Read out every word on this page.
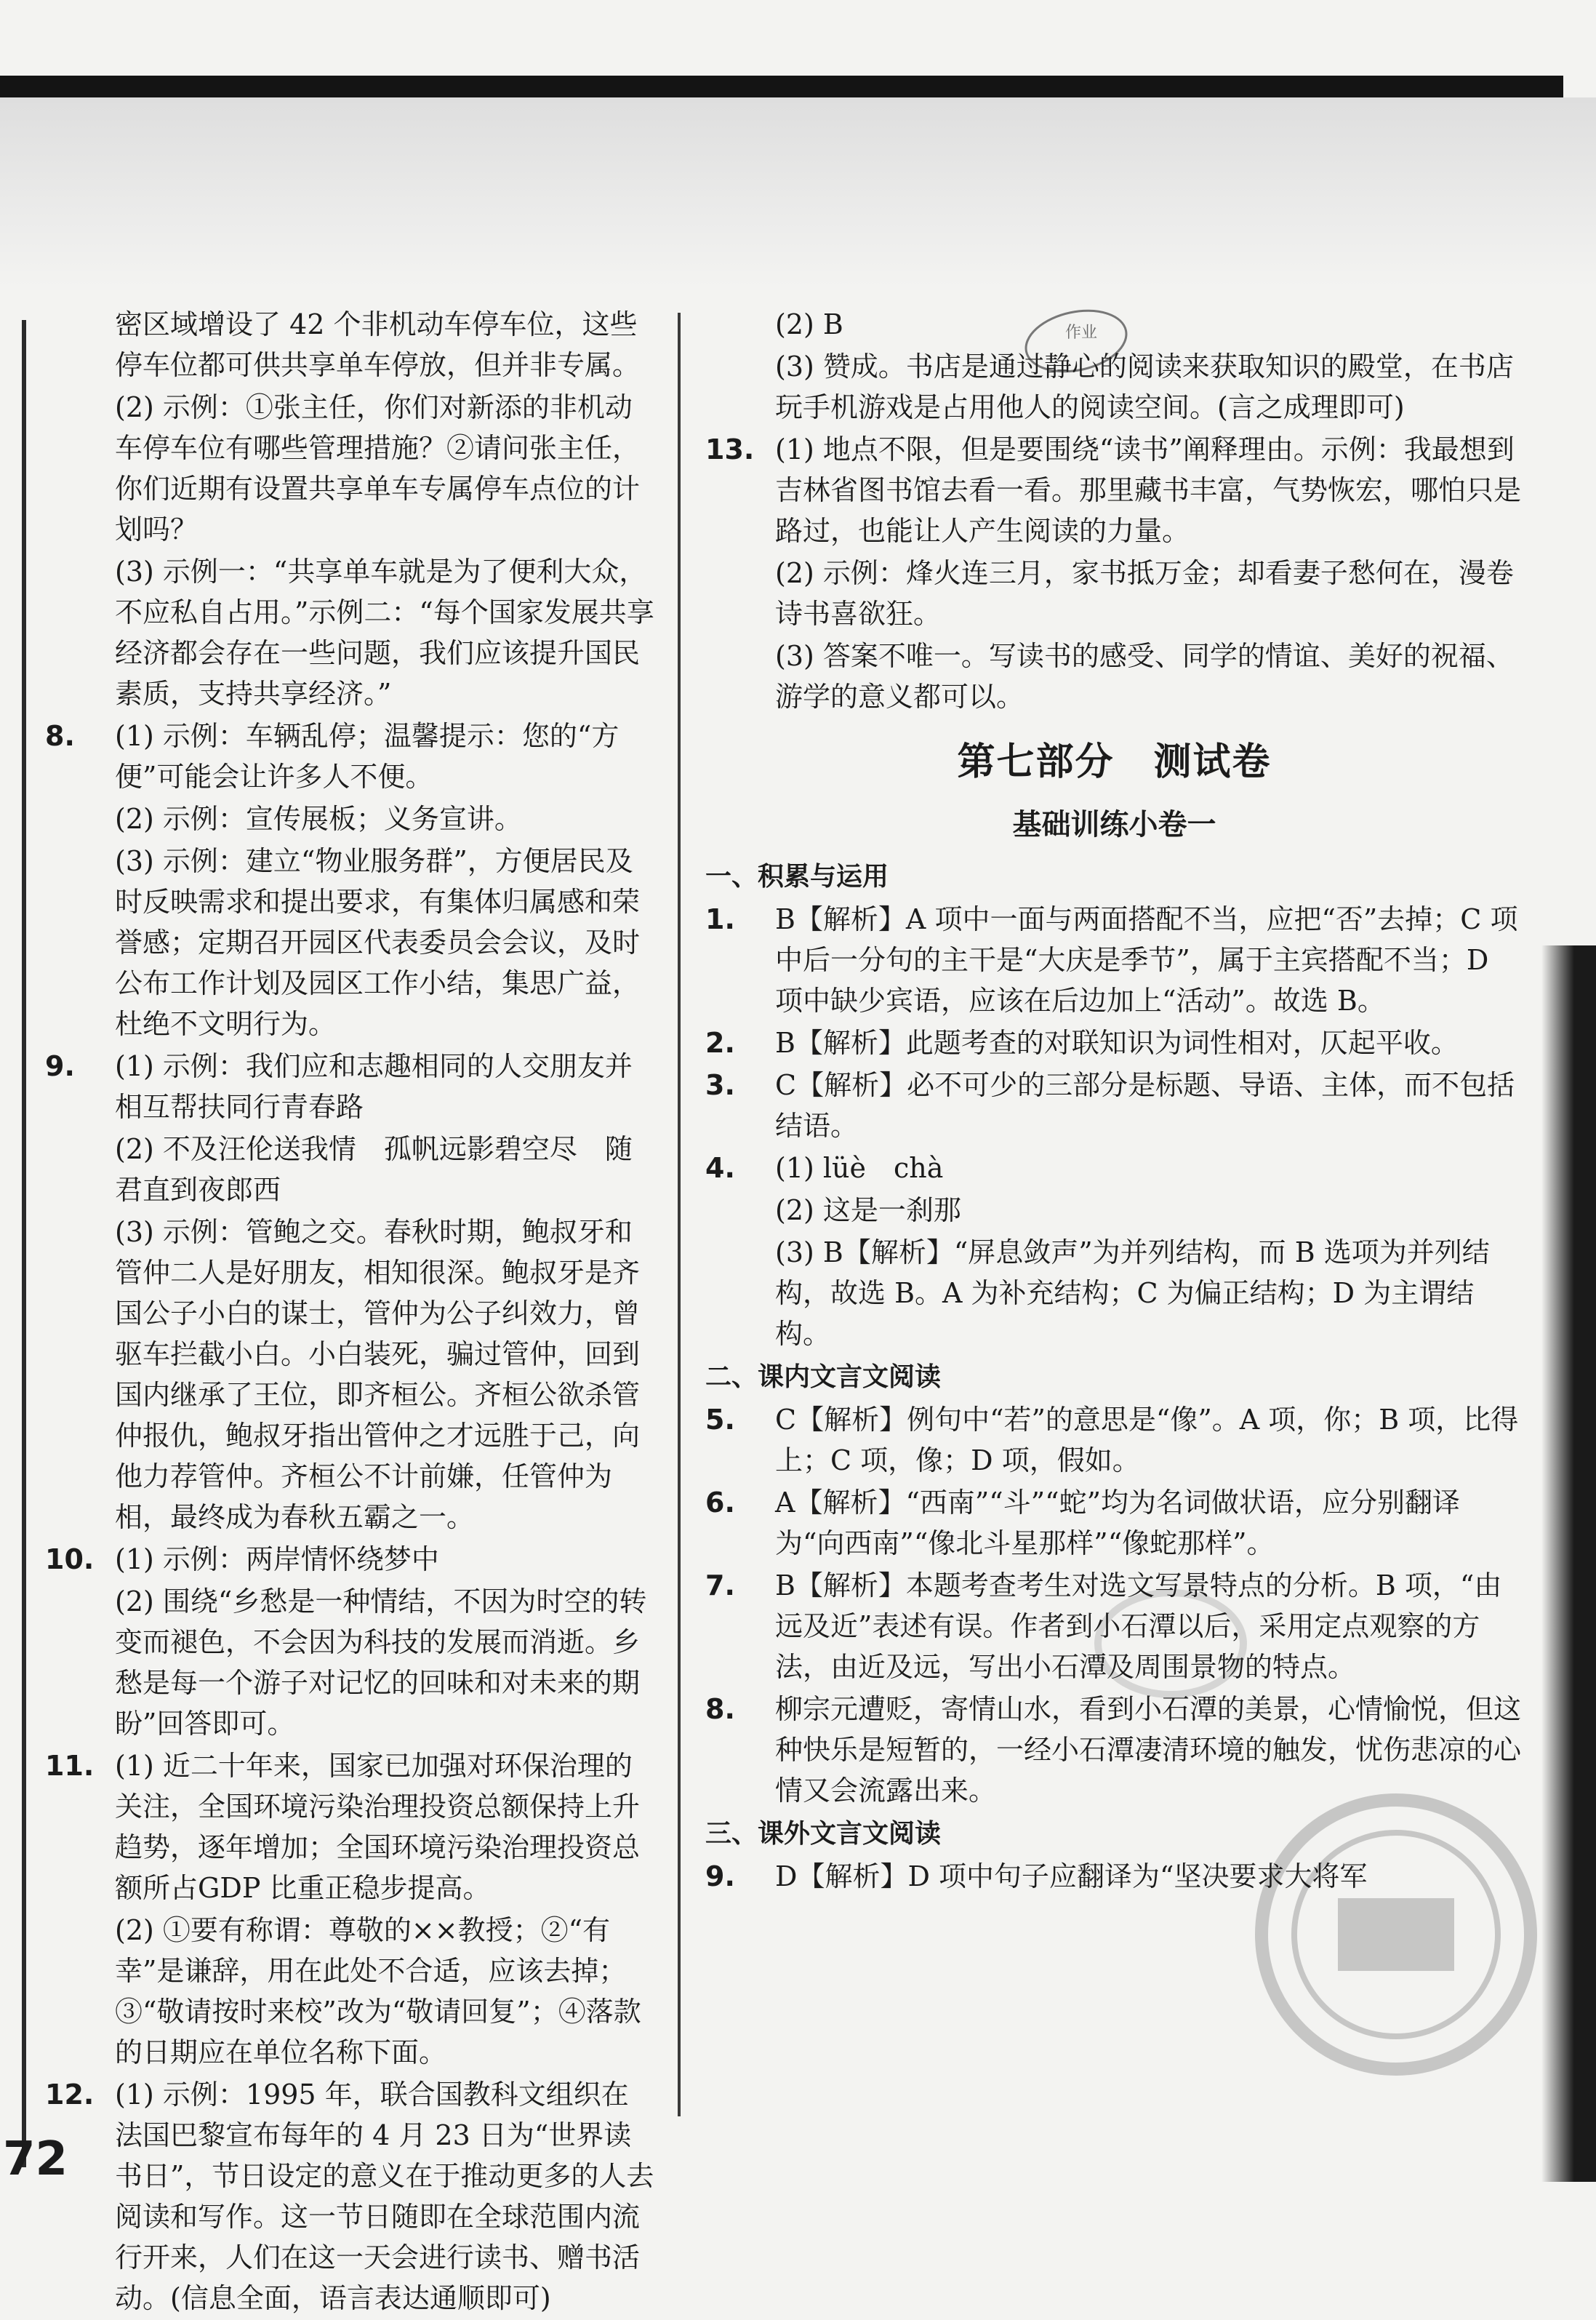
作业
密区域增设了 42 个非机动车停车位，这些停车位都可供共享单车停放，但并非专属。
(2) 示例：①张主任，你们对新添的非机动车停车位有哪些管理措施？②请问张主任，你们近期有设置共享单车专属停车点位的计划吗？
(3) 示例一：“共享单车就是为了便利大众，不应私自占用。”示例二：“每个国家发展共享经济都会存在一些问题，我们应该提升国民素质，支持共享经济。”
8. (1) 示例：车辆乱停；温馨提示：您的“方便”可能会让许多人不便。
(2) 示例：宣传展板；义务宣讲。
(3) 示例：建立“物业服务群”，方便居民及时反映需求和提出要求，有集体归属感和荣誉感；定期召开园区代表委员会会议，及时公布工作计划及园区工作小结，集思广益，杜绝不文明行为。
9. (1) 示例：我们应和志趣相同的人交朋友并相互帮扶同行青春路
(2) 不及汪伦送我情　孤帆远影碧空尽　随君直到夜郎西
(3) 示例：管鲍之交。春秋时期，鲍叔牙和管仲二人是好朋友，相知很深。鲍叔牙是齐国公子小白的谋士，管仲为公子纠效力，曾驱车拦截小白。小白装死，骗过管仲，回到国内继承了王位，即齐桓公。齐桓公欲杀管仲报仇，鲍叔牙指出管仲之才远胜于己，向他力荐管仲。齐桓公不计前嫌，任管仲为相，最终成为春秋五霸之一。
10. (1) 示例：两岸情怀绕梦中
(2) 围绕“乡愁是一种情结，不因为时空的转变而褪色，不会因为科技的发展而消逝。乡愁是每一个游子对记忆的回味和对未来的期盼”回答即可。
11. (1) 近二十年来，国家已加强对环保治理的关注，全国环境污染治理投资总额保持上升趋势，逐年增加；全国环境污染治理投资总额所占GDP 比重正稳步提高。
(2) ①要有称谓：尊敬的××教授；②“有幸”是谦辞，用在此处不合适，应该去掉；③“敬请按时来校”改为“敬请回复”；④落款的日期应在单位名称下面。
12. (1) 示例：1995 年，联合国教科文组织在法国巴黎宣布每年的 4 月 23 日为“世界读书日”，节日设定的意义在于推动更多的人去阅读和写作。这一节日随即在全球范围内流行开来，人们在这一天会进行读书、赠书活动。(信息全面，语言表达通顺即可)
(2) B
(3) 赞成。书店是通过静心的阅读来获取知识的殿堂，在书店玩手机游戏是占用他人的阅读空间。(言之成理即可)
13. (1) 地点不限，但是要围绕“读书”阐释理由。示例：我最想到吉林省图书馆去看一看。那里藏书丰富，气势恢宏，哪怕只是路过，也能让人产生阅读的力量。
(2) 示例：烽火连三月，家书抵万金；却看妻子愁何在，漫卷诗书喜欲狂。
(3) 答案不唯一。写读书的感受、同学的情谊、美好的祝福、游学的意义都可以。
第七部分　测试卷
基础训练小卷一
一、积累与运用
1. B【解析】A 项中一面与两面搭配不当，应把“否”去掉；C 项中后一分句的主干是“大庆是季节”，属于主宾搭配不当；D 项中缺少宾语，应该在后边加上“活动”。故选 B。
2. B【解析】此题考查的对联知识为词性相对，仄起平收。
3. C【解析】必不可少的三部分是标题、导语、主体，而不包括结语。
4. (1) lüè　chà
(2) 这是一刹那
(3) B【解析】“屏息敛声”为并列结构，而 B 选项为并列结构，故选 B。A 为补充结构；C 为偏正结构；D 为主谓结构。
二、课内文言文阅读
5. C【解析】例句中“若”的意思是“像”。A 项，你；B 项，比得上；C 项，像；D 项，假如。
6. A【解析】“西南”“斗”“蛇”均为名词做状语，应分别翻译为“向西南”“像北斗星那样”“像蛇那样”。
7. B【解析】本题考查考生对选文写景特点的分析。B 项，“由远及近”表述有误。作者到小石潭以后，采用定点观察的方法，由近及远，写出小石潭及周围景物的特点。
8. 柳宗元遭贬，寄情山水，看到小石潭的美景，心情愉悦，但这种快乐是短暂的，一经小石潭凄清环境的触发，忧伤悲凉的心情又会流露出来。
三、课外文言文阅读
9. D【解析】D 项中句子应翻译为“坚决要求大将军
72
